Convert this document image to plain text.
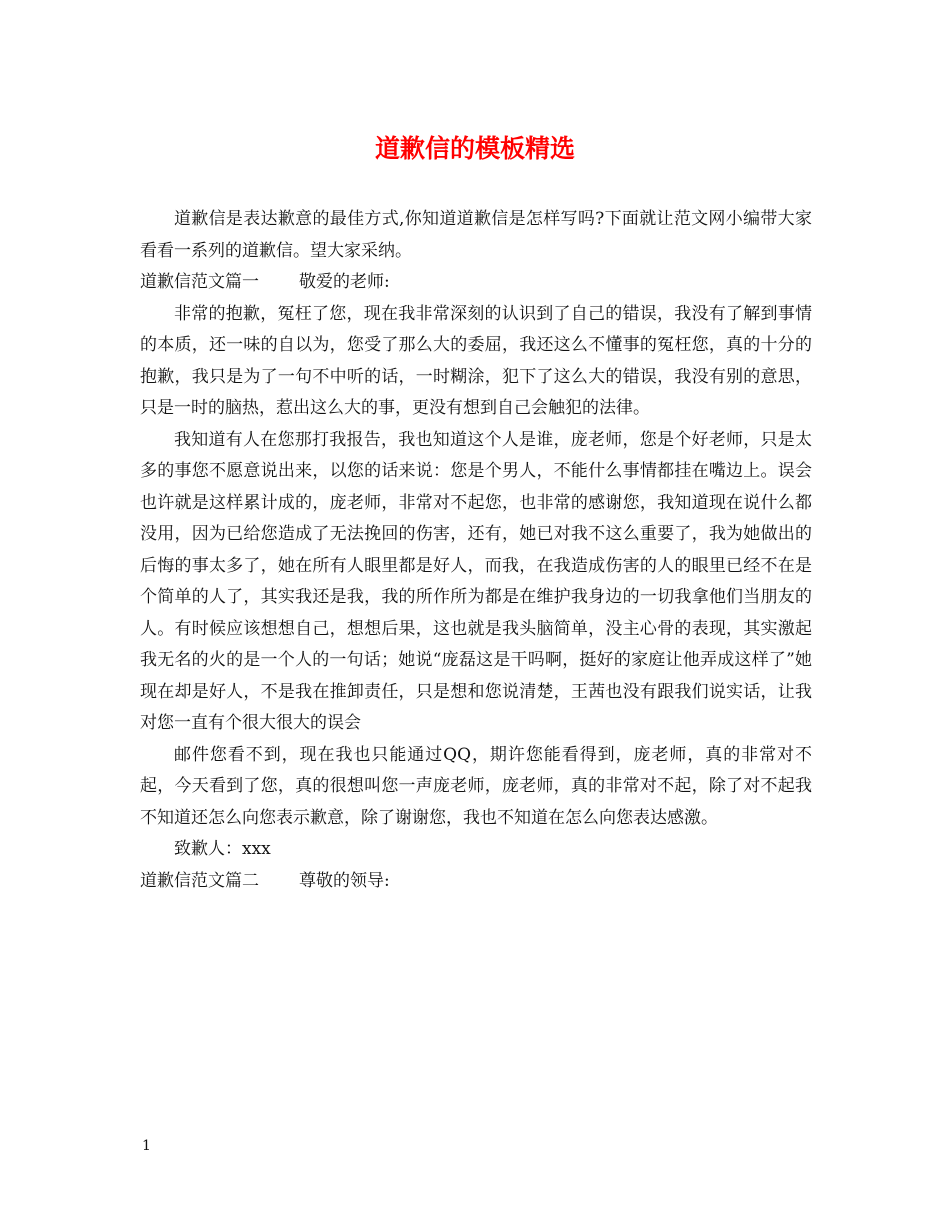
道歉信的模板精选

道歉信是表达歉意的最佳方式,你知道道歉信是怎样写吗?下面就让范文网小编带大家看看一系列的道歉信。望大家采纳。

道歉信范文篇一 敬爱的老师:

非常的抱歉，冤枉了您，现在我非常深刻的认识到了自己的错误，我没有了解到事情的本质，还一味的自以为，您受了那么大的委屈，我还这么不懂事的冤枉您，真的十分的抱歉，我只是为了一句不中听的话，一时糊涂，犯下了这么大的错误，我没有别的意思，只是一时的脑热，惹出这么大的事，更没有想到自己会触犯的法律。

我知道有人在您那打我报告，我也知道这个人是谁，庞老师，您是个好老师，只是太多的事您不愿意说出来，以您的话来说：您是个男人，不能什么事情都挂在嘴边上。误会也许就是这样累计成的，庞老师，非常对不起您，也非常的感谢您，我知道现在说什么都没用，因为已给您造成了无法挽回的伤害，还有，她已对我不这么重要了，我为她做出的后悔的事太多了，她在所有人眼里都是好人，而我，在我造成伤害的人的眼里已经不在是个简单的人了，其实我还是我，我的所作所为都是在维护我身边的一切我拿他们当朋友的人。有时候应该想想自己，想想后果，这也就是我头脑简单，没主心骨的表现，其实激起我无名的火的是一个人的一句话；她说“庞磊这是干吗啊，挺好的家庭让他弄成这样了”她现在却是好人，不是我在推卸责任，只是想和您说清楚，王茜也没有跟我们说实话，让我对您一直有个很大很大的误会

邮件您看不到，现在我也只能通过QQ，期许您能看得到，庞老师，真的非常对不起，今天看到了您，真的很想叫您一声庞老师，庞老师，真的非常对不起，除了对不起我不知道还怎么向您表示歉意，除了谢谢您，我也不知道在怎么向您表达感激。

致歉人：xxx

道歉信范文篇二 尊敬的领导:

1
